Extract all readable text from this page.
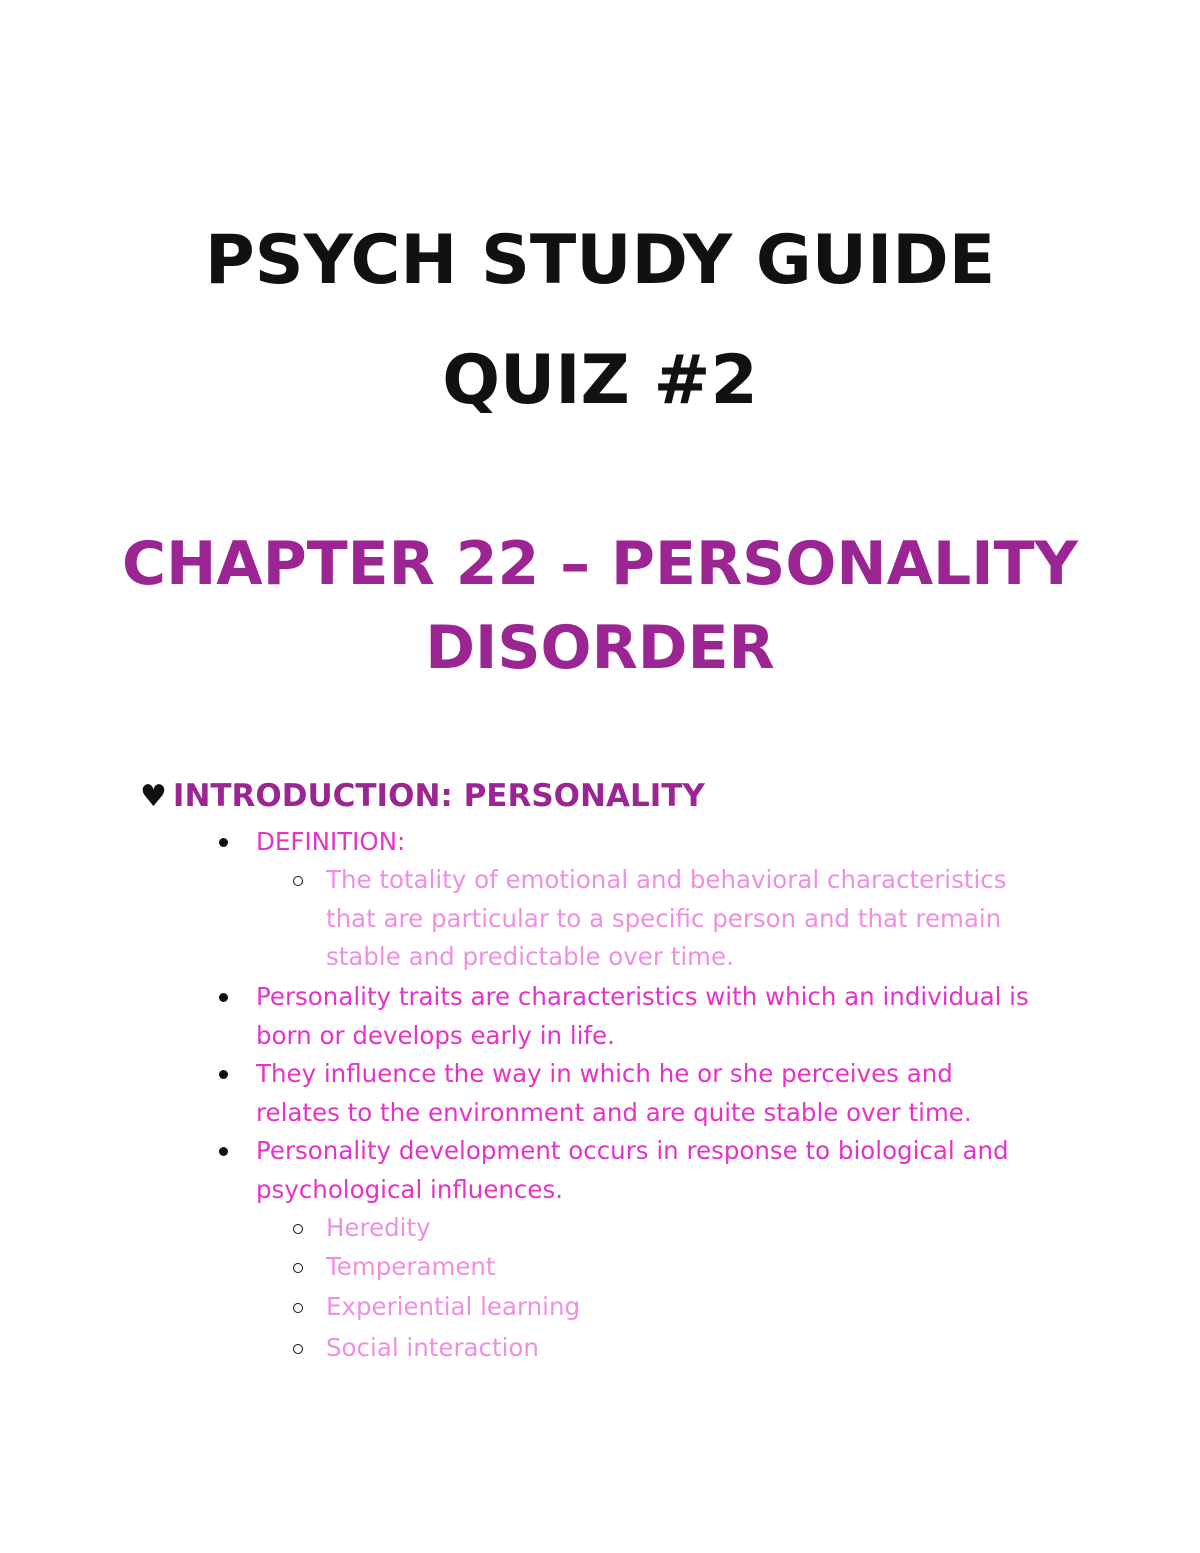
PSYCH STUDY GUIDE
QUIZ #2
CHAPTER 22 – PERSONALITY
DISORDER
♥ INTRODUCTION: PERSONALITY
DEFINITION:
The totality of emotional and behavioral characteristics
that are particular to a specific person and that remain
stable and predictable over time.
Personality traits are characteristics with which an individual is
born or develops early in life.
They influence the way in which he or she perceives and
relates to the environment and are quite stable over time.
Personality development occurs in response to biological and
psychological influences.
Heredity
Temperament
Experiential learning
Social interaction
